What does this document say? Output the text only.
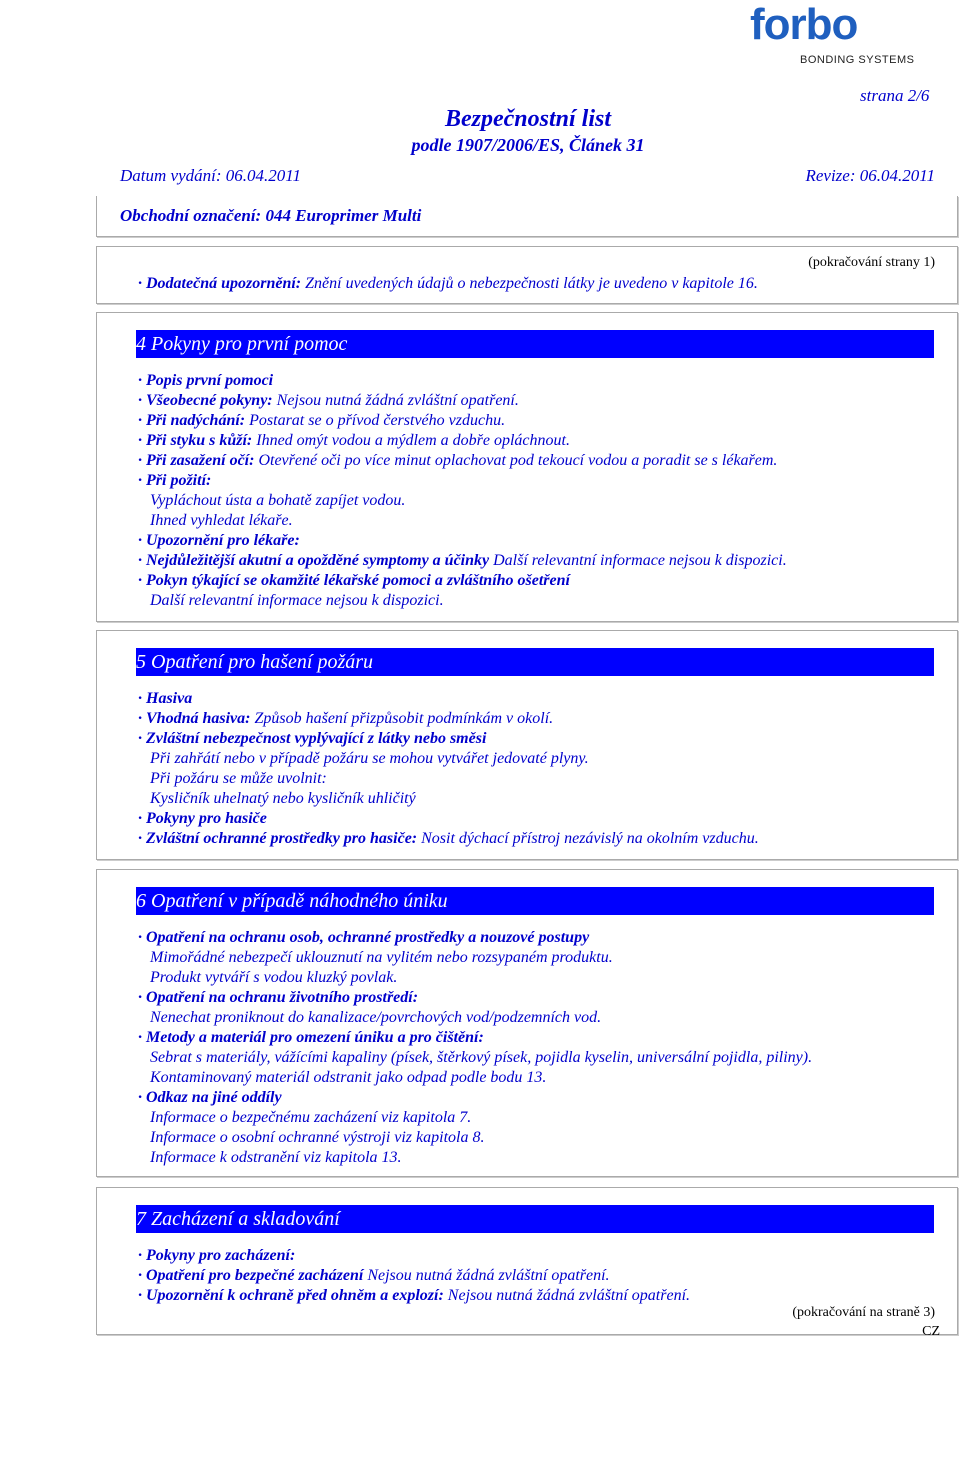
forbo
BONDING SYSTEMS
strana 2/6
Bezpečnostní list
podle 1907/2006/ES, Článek 31
Datum vydání: 06.04.2011	Revize: 06.04.2011
Obchodní označení: 044 Europrimer Multi
(pokračování strany 1)
· Dodatečná upozornění: Znění uvedených údajů o nebezpečnosti látky je uvedeno v kapitole 16.
4 Pokyny pro první pomoc
· Popis první pomoci
· Všeobecné pokyny: Nejsou nutná žádná zvláštní opatření.
· Při nadýchání: Postarat se o přívod čerstvého vzduchu.
· Při styku s kůží: Ihned omýt vodou a mýdlem a dobře opláchnout.
· Při zasažení očí: Otevřené oči po více minut oplachovat pod tekoucí vodou a poradit se s lékařem.
· Při požití:
Vypláchout ústa a bohatě zapíjet vodou.
Ihned vyhledat lékaře.
· Upozornění pro lékaře:
· Nejdůležitější akutní a opožděné symptomy a účinky Další relevantní informace nejsou k dispozici.
· Pokyn týkající se okamžité lékařské pomoci a zvláštního ošetření
Další relevantní informace nejsou k dispozici.
5 Opatření pro hašení požáru
· Hasiva
· Vhodná hasiva: Způsob hašení přizpůsobit podmínkám v okolí.
· Zvláštní nebezpečnost vyplývající z látky nebo směsi
Při zahřátí nebo v případě požáru se mohou vytvářet jedovaté plyny.
Při požáru se může uvolnit:
Kysličník uhelnatý nebo kysličník uhličitý
· Pokyny pro hasiče
· Zvláštní ochranné prostředky pro hasiče: Nosit dýchací přístroj nezávislý na okolním vzduchu.
6 Opatření v případě náhodného úniku
· Opatření na ochranu osob, ochranné prostředky a nouzové postupy
Mimořádné nebezpečí uklouznutí na vylitém nebo rozsypaném produktu.
Produkt vytváří s vodou kluzký povlak.
· Opatření na ochranu životního prostředí:
Nenechat proniknout do kanalizace/povrchových vod/podzemních vod.
· Metody a materiál pro omezení úniku a pro čištění:
Sebrat s materiály, vážícími kapaliny (písek, štěrkový písek, pojidla kyselin, universální pojidla, piliny).
Kontaminovaný materiál odstranit jako odpad podle bodu 13.
· Odkaz na jiné oddíly
Informace o bezpečnému zacházení viz kapitola 7.
Informace o osobní ochranné výstroji viz kapitola 8.
Informace k odstranění viz kapitola 13.
7 Zacházení a skladování
· Pokyny pro zacházení:
· Opatření pro bezpečné zacházení Nejsou nutná žádná zvláštní opatření.
· Upozornění k ochraně před ohněm a explozí: Nejsou nutná žádná zvláštní opatření.
(pokračování na straně 3)
CZ
